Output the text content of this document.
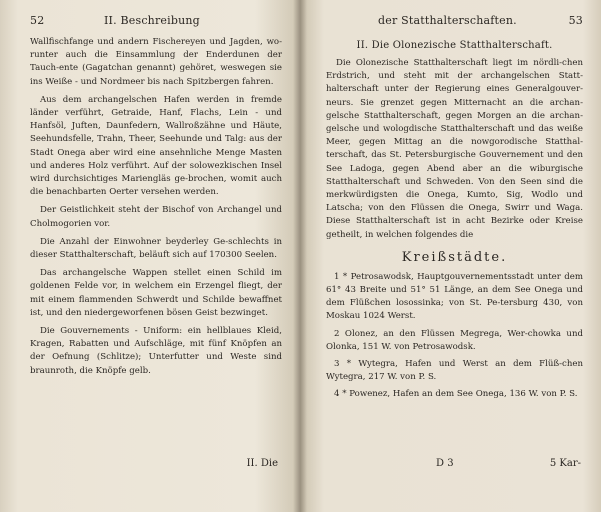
52	II. Beschreibung

Wallfischfange und andern Fischereyen und Jagden, wo-runter auch die Einsammlung der Enderdunen der Tauch-ente (Gagatchan genannt) gehöret, weswegen sie ins Weiße - und Nordmeer bis nach Spitzbergen fahren.

Aus dem archangelschen Hafen werden in fremde länder verführt, Getraide, Hanf, Flachs, Lein - und Hanfsöl, Juften, Daunfedern, Wallroßzähne und Häute, Seehundsfelle, Trahn, Theer, Seehunde und Talg: aus der Stadt Onega aber wird eine ansehnliche Menge Masten und anderes Holz verführt. Auf der solowezkischen Insel wird durchsichtiges Mariengläs ge-brochen, womit auch die benachbarten Oerter versehen werden.

Der Geistlichkeit steht der Bischof von Archangel und Cholmogorien vor.

Die Anzahl der Einwohner beyderley Ge-schlechts in dieser Statthalterschaft, beläuft sich auf 170300 Seelen.

Das archangelsche Wappen stellet einen Schild im goldenen Felde vor, in welchem ein Erzengel fliegt, der mit einem flammenden Schwerdt und Schilde bewaffnet ist, und den niedergeworfenen bösen Geist bezwinget.

Die Gouvernements - Uniform: ein hellblaues Kleid, Kragen, Rabatten und Aufschläge, mit fünf Knöpfen an der Oefnung (Schlitze); Unterfutter und Weste sind braunroth, die Knöpfe gelb.

II. Die
der Statthalterschaften.	53
II. Die Olonezische Statthalterschaft.

Die Olonezische Statthalterschaft liegt im nördli-chen Erdstrich, und steht mit der archangelschen Statt-halterschaft unter der Regierung eines Generalgouver-neurs. Sie grenzet gegen Mitternacht an die archan-gelsche Statthalterschaft, gegen Morgen an die archan-gelsche und wologdische Statthalterschaft und das weiße Meer, gegen Mittag an die nowgorodische Statthal-terschaft, das St. Petersburgische Gouvernement und den See Ladoga, gegen Abend aber an die wiburgische Statthalterschaft und Schweden. Von den Seen sind die merkwürdigsten die Onega, Kumto, Sig, Wodlo und Latscha; von den Flüssen die Onega, Swirr und Waga. Diese Statthalterschaft ist in acht Bezirke oder Kreise getheilt, in welchen folgendes die

Kreißstädte.
1 * Petrosawodsk, Hauptgouvernementsstadt unter dem 61° 43 Breite und 51° 51 Länge, an dem See Onega und dem Flüßchen losossinka; von St. Pe-tersburg 430, von Moskau 1024 Werst.
2 Olonez, an den Flüssen Megrega, Wer-chowka und Olonka, 151 W. von Petrosawodsk.
3 * Wytegra, Hafen und Werst an dem Flüß-chen Wytegra, 217 W. von P. S.
4 * Powenez, Hafen an dem See Onega, 136 W. von P. S.
D 3	5 Kar-
